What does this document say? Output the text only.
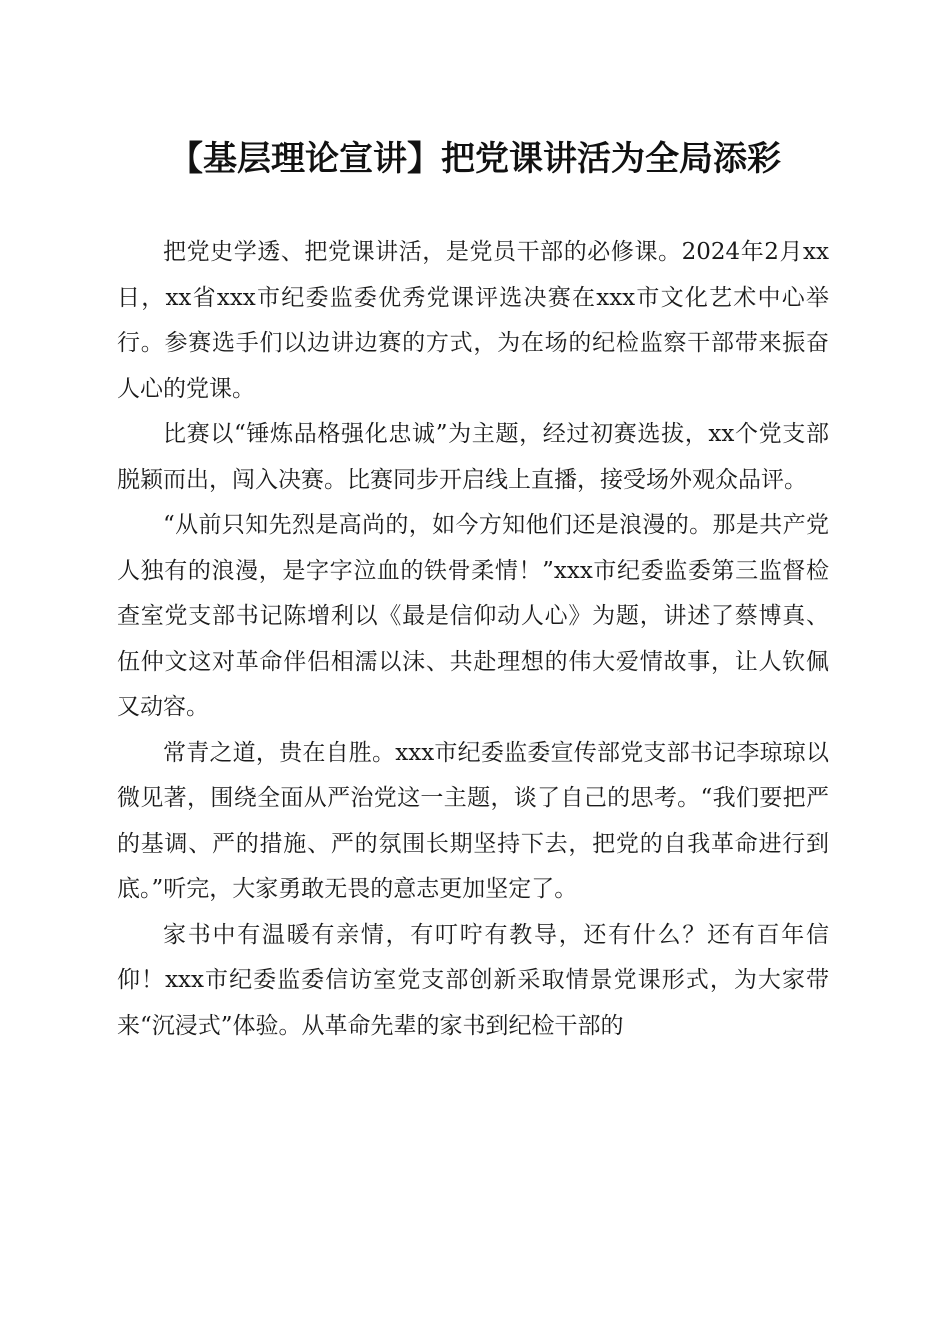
【基层理论宣讲】把党课讲活为全局添彩

把党史学透、把党课讲活，是党员干部的必修课。2024年2月xx日，xx省xxx市纪委监委优秀党课评选决赛在xxx市文化艺术中心举行。参赛选手们以边讲边赛的方式，为在场的纪检监察干部带来振奋人心的党课。

比赛以“锤炼品格强化忠诚”为主题，经过初赛选拔，xx个党支部脱颖而出，闯入决赛。比赛同步开启线上直播，接受场外观众品评。

“从前只知先烈是高尚的，如今方知他们还是浪漫的。那是共产党人独有的浪漫，是字字泣血的铁骨柔情！”xxx市纪委监委第三监督检查室党支部书记陈增利以《最是信仰动人心》为题，讲述了蔡博真、伍仲文这对革命伴侣相濡以沫、共赴理想的伟大爱情故事，让人钦佩又动容。

常青之道，贵在自胜。xxx市纪委监委宣传部党支部书记李琼琼以微见著，围绕全面从严治党这一主题，谈了自己的思考。“我们要把严的基调、严的措施、严的氛围长期坚持下去，把党的自我革命进行到底。”听完，大家勇敢无畏的意志更加坚定了。

家书中有温暖有亲情，有叮咛有教导，还有什么？还有百年信仰！xxx市纪委监委信访室党支部创新采取情景党课形式，为大家带来“沉浸式”体验。从革命先辈的家书到纪检干部的
